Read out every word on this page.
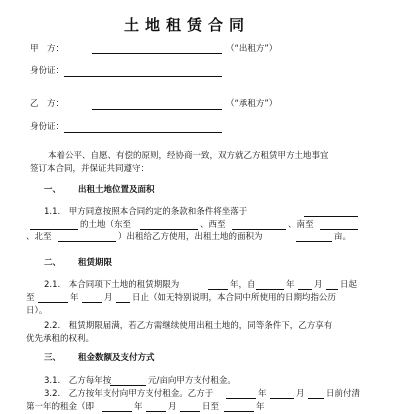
土地租赁合同
甲　方：	（“出租方”）
身份证：
乙　方：	（“承租方”）
身份证：
本着公平、自愿、有偿的原则，经协商一致，双方就乙方租赁甲方土地事宜
签订本合同，并保证共同遵守：
一、 出租土地位置及面积
1.1.　甲方同意按照本合同约定的条款和条件将坐落于
的土地（东至	、西至	、南至
、北至	）出租给乙方使用，出租土地的面积为	亩。
二、 租赁期限
2.1.　本合同项下土地的租赁期限为	年，自	年 月 日起
至	年	月 日止（如无特别说明，本合同中所使用的日期均指公历
日）。
2.2.　租赁期限届满，若乙方需继续使用出租土地的，同等条件下，乙方享有
优先承租的权利。
三、 租金数额及支付方式
3.1.　乙方每年按	元/亩向甲方支付租金。
3.2.　乙方按年支付向甲方支付租金。乙方于	年	月	日前付清
第一年的租金（即	年	月	日至	年
